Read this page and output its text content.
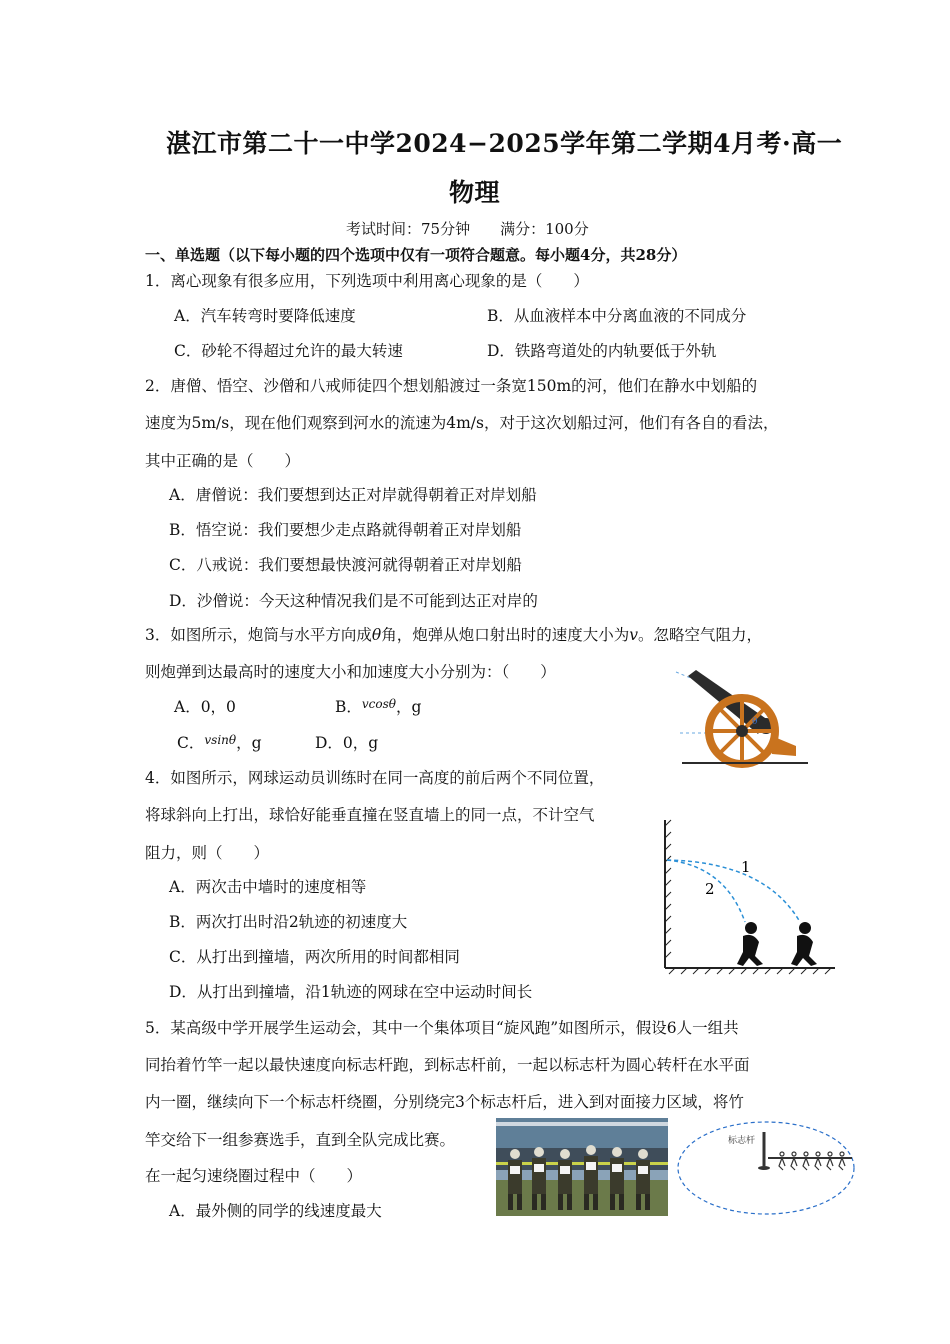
湛江市第二十一中学2024−2025学年第二学期4月考·高一
物理
考试时间：75分钟　　满分：100分
一、单选题（以下每小题的四个选项中仅有一项符合题意。每小题4分，共28分）
1．离心现象有很多应用，下列选项中利用离心现象的是（　　）
A．汽车转弯时要降低速度	B．从血液样本中分离血液的不同成分
C．砂轮不得超过允许的最大转速	D．铁路弯道处的内轨要低于外轨
2．唐僧、悟空、沙僧和八戒师徒四个想划船渡过一条宽150m的河，他们在静水中划船的
速度为5m/s，现在他们观察到河水的流速为4m/s，对于这次划船过河，他们有各自的看法，
其中正确的是（　　）
A．唐僧说：我们要想到达正对岸就得朝着正对岸划船
B．悟空说：我们要想少走点路就得朝着正对岸划船
C．八戒说：我们要想最快渡河就得朝着正对岸划船
D．沙僧说：今天这种情况我们是不可能到达正对岸的
3．如图所示，炮筒与水平方向成θ角，炮弹从炮口射出时的速度大小为v。忽略空气阻力，
则炮弹到达最高时的速度大小和加速度大小分别为：（　　）
A．0，0	B．$^{vcos\theta}$，g
C．$^{vsin\theta}$，g	D．0，g
θ
4．如图所示，网球运动员训练时在同一高度的前后两个不同位置，
将球斜向上打出，球恰好能垂直撞在竖直墙上的同一点，不计空气
阻力，则（　　）
A．两次击中墙时的速度相等
B．两次打出时沿2轨迹的初速度大
C．从打出到撞墙，两次所用的时间都相同
D．从打出到撞墙，沿1轨迹的网球在空中运动时间长
1
2
5．某高级中学开展学生运动会，其中一个集体项目“旋风跑”如图所示，假设6人一组共
同抬着竹竿一起以最快速度向标志杆跑，到标志杆前，一起以标志杆为圆心转杆在水平面
内一圈，继续向下一个标志杆绕圈，分别绕完3个标志杆后，进入到对面接力区域，将竹
竿交给下一组参赛选手，直到全队完成比赛。
在一起匀速绕圈过程中（　　）
A．最外侧的同学的线速度最大
标志杆
